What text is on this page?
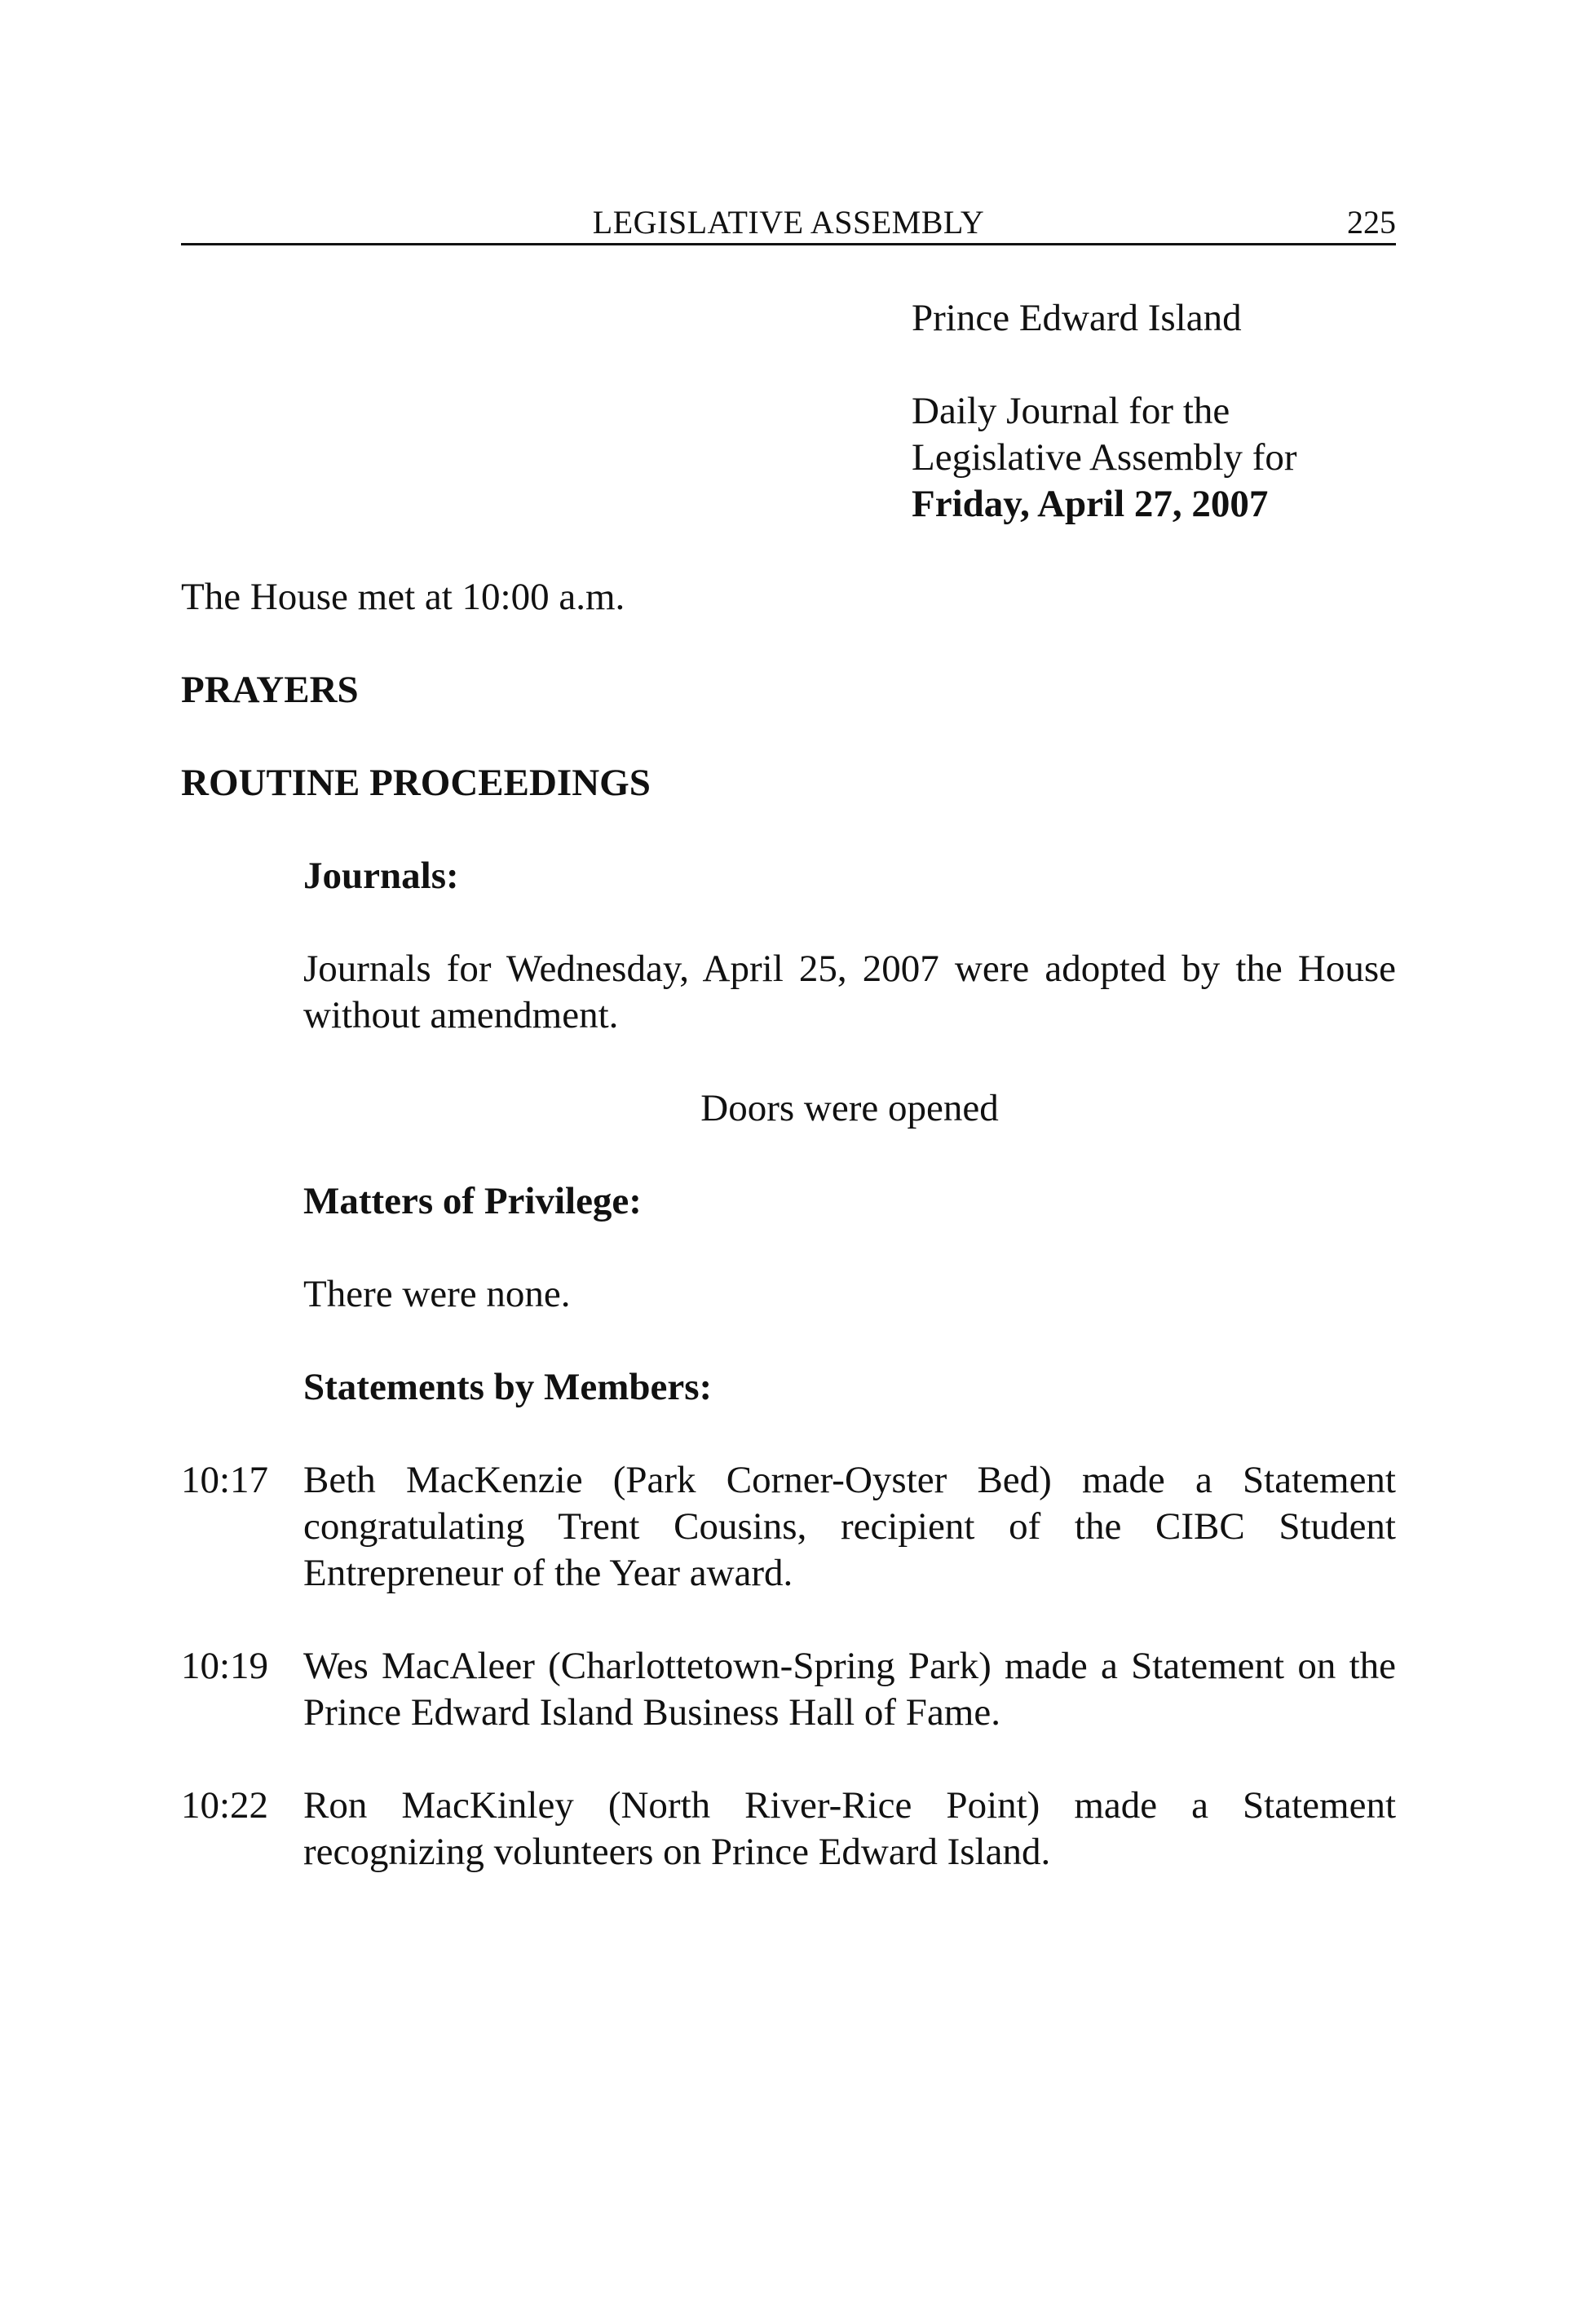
LEGISLATIVE ASSEMBLY	225
Prince Edward Island
Daily Journal for the
Legislative Assembly for
Friday, April 27, 2007
The House met at 10:00 a.m.
PRAYERS
ROUTINE PROCEEDINGS
Journals:
Journals for Wednesday, April 25, 2007 were adopted by the House without amendment.
Doors were opened
Matters of Privilege:
There were none.
Statements by Members:
10:17 Beth MacKenzie (Park Corner-Oyster Bed) made a Statement congratulating Trent Cousins, recipient of the CIBC Student Entrepreneur of the Year award.
10:19 Wes MacAleer (Charlottetown-Spring Park) made a Statement on the Prince Edward Island Business Hall of Fame.
10:22 Ron MacKinley (North River-Rice Point) made a Statement recognizing volunteers on Prince Edward Island.
